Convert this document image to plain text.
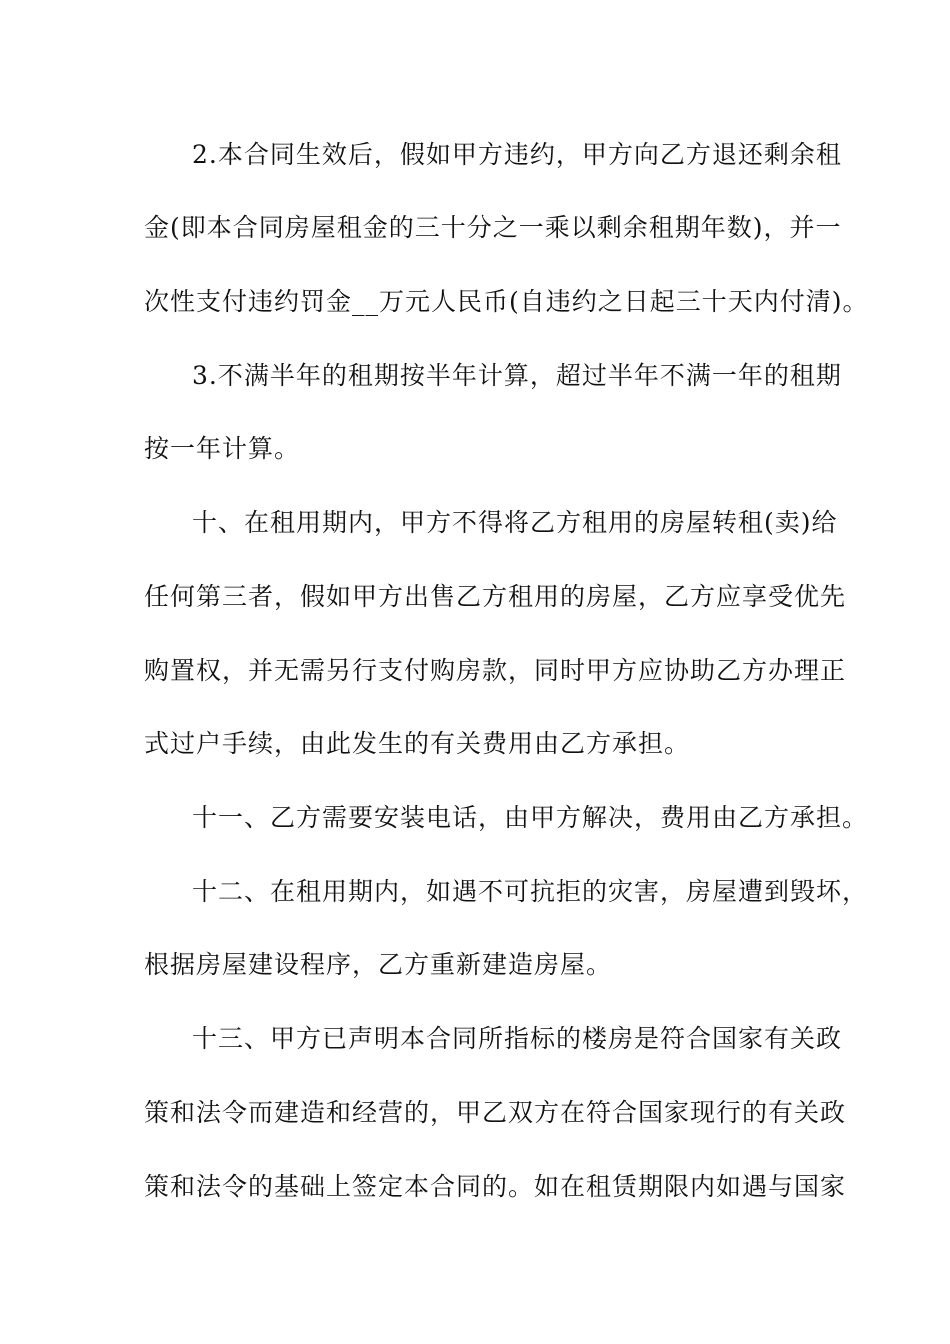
2.本合同生效后，假如甲方违约，甲方向乙方退还剩余租
金(即本合同房屋租金的三十分之一乘以剩余租期年数)，并一
次性支付违约罚金__万元人民币(自违约之日起三十天内付清)。
3.不满半年的租期按半年计算，超过半年不满一年的租期
按一年计算。
十、在租用期内，甲方不得将乙方租用的房屋转租(卖)给
任何第三者，假如甲方出售乙方租用的房屋，乙方应享受优先
购置权，并无需另行支付购房款，同时甲方应协助乙方办理正
式过户手续，由此发生的有关费用由乙方承担。
十一、乙方需要安装电话，由甲方解决，费用由乙方承担。
十二、在租用期内，如遇不可抗拒的灾害，房屋遭到毁坏，
根据房屋建设程序，乙方重新建造房屋。
十三、甲方已声明本合同所指标的楼房是符合国家有关政
策和法令而建造和经营的，甲乙双方在符合国家现行的有关政
策和法令的基础上签定本合同的。如在租赁期限内如遇与国家
